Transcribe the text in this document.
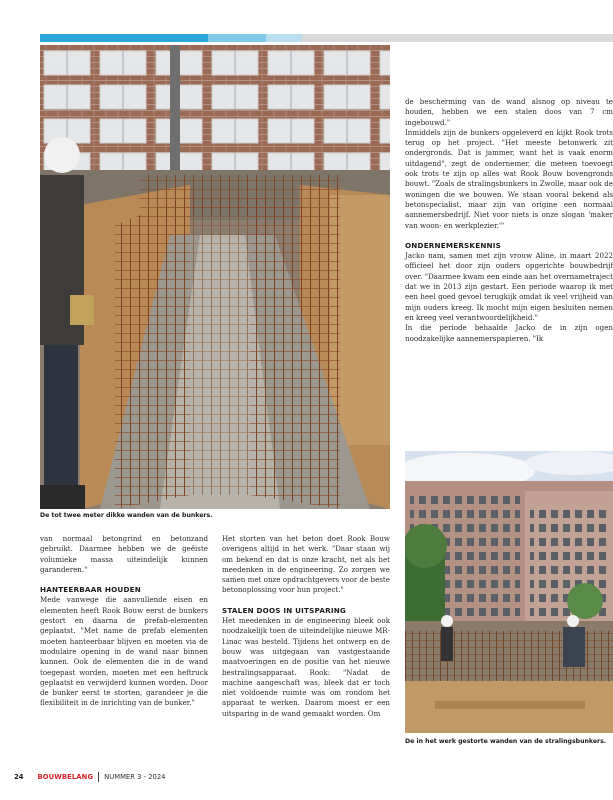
De tot twee meter dikke wanden van de bunkers.
De in het werk gestorte wanden van de stralingsbunkers.

de bescherming van de wand alsnog op niveau te houden, hebben we een stalen doos van 7 cm ingebouwd."

Inmiddels zijn de bunkers opgeleverd en kijkt Rook trots terug op het project. "Het meeste betonwerk zit ondergronds. Dat is jammer, want het is vaak enorm uitdagend", zegt de ondernemer, die meteen toevoegt ook trots te zijn op alles wat Rook Bouw bovengronds bouwt. "Zoals de stralingsbunkers in Zwolle, maar ook de woningen die we bouwen. We staan vooral bekend als betonspecialist, maar zijn van origine een normaal aannemersbedrijf. Niet voor niets is onze slogan 'maker van woon- en werkplezier.'"

ONDERNEMERSKENNIS

Jacko nam, samen met zijn vrouw Aline, in maart 2022 officieel het door zijn ouders opgerichte bouwbedrijf over. "Daarmee kwam een einde aan het overnametraject dat we in 2013 zijn gestart. Een periode waarop ik met een heel goed gevoel terugkijk omdat ik veel vrijheid van mijn ouders kreeg. Ik mocht mijn eigen besluiten nemen en kreeg veel verantwoordelijkheid."

In die periode behaalde Jacko de in zijn ogen noodzakelijke aannemerspapieren. "Ik

van normaal betongrind en betonzand gebruikt. Daarmee hebben we de geëiste volumieke massa uiteindelijk kunnen garanderen."

HANTEERBAAR HOUDEN

Mede vanwege die aanvullende eisen en elementen heeft Rook Bouw eerst de bunkers gestort en daarna de prefab-elementen geplaatst. "Met name de prefab elementen moeten hanteerbaar blijven en moeten via de modulaire opening in de wand naar binnen kunnen. Ook de elementen die in de wand toegepast worden, moeten met een heftruck geplaatst en verwijderd kunnen worden. Door de bunker eerst te storten, garandeer je die flexibiliteit in de inrichting van de bunker."

Het storten van het beton doet Rook Bouw overigens altijd in het werk. "Daar staan wij om bekend en dat is onze kracht, net als het meedenken in de engineering. Zo zorgen we samen met onze opdrachtgevers voor de beste betonoplossing voor hun project."

STALEN DOOS IN UITSPARING

Het meedenken in de engineering bleek ook noodzakelijk toen de uiteindelijke nieuwe MR-Linac was besteld. Tijdens het ontwerp en de bouw was uitgegaan van vastgestaande maatvoeringen en de positie van het nieuwe bestralingsapparaat. Rook: "Nadat de machine aangeschaft was, bleek dat er toch niet voldoende ruimte was om rondom het apparaat te werken. Daarom moest er een uitsparing in de wand gemaakt worden. Om

24 BOUWBELANG NUMMER 3 - 2024
